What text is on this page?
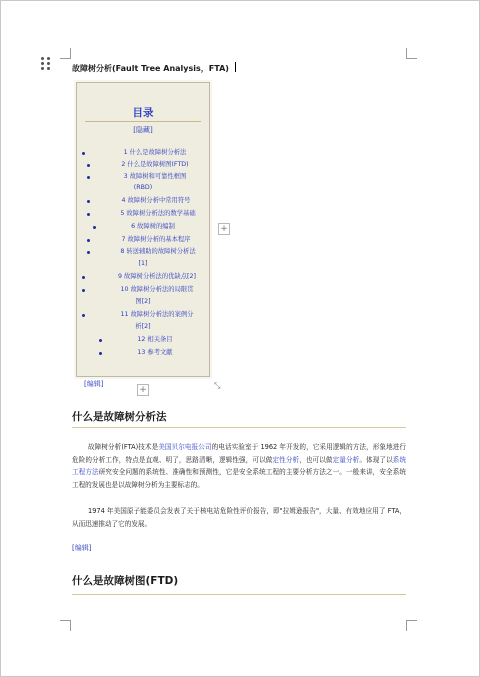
故障树分析(Fault Tree Analysis，FTA)
目录
[隐藏]
1 什么是故障树分析法
2 什么是故障树图(FTD)
3 故障树和可靠性框图
(RBD)
4 故障树分析中常用符号
5 故障树分析法的数学基础
6 故障树的编制
7 故障树分析的基本程序
8 转送辅助的故障树分析法
[1]
9 故障树分析法的优缺点[2]
10 故障树分析法的局限贯
图[2]
11 故障树分析法的案例分
析[2]
12 相关条目
13 参考文献
+
+	⤡
[编辑]
什么是故障树分析法
故障树分析(FTA)技术是美国贝尔电报公司的电话实验室于 1962 年开发的，它采用逻辑的方法，形象地进行危险的分析工作，特点是直观、明了，思路清晰，逻辑性强，可以做定性分析，也可以做定量分析。体现了以系统工程方法研究安全问题的系统性、准确性和预测性，它是安全系统工程的主要分析方法之一。一般来讲，安全系统工程的发展也是以故障树分析为主要标志的。
1974 年美国原子能委员会发表了关于核电站危险性评价报告，即"拉姆逊报告"，大量、有效地应用了 FTA，从而迅速推动了它的发展。
[编辑]
什么是故障树图(FTD)
